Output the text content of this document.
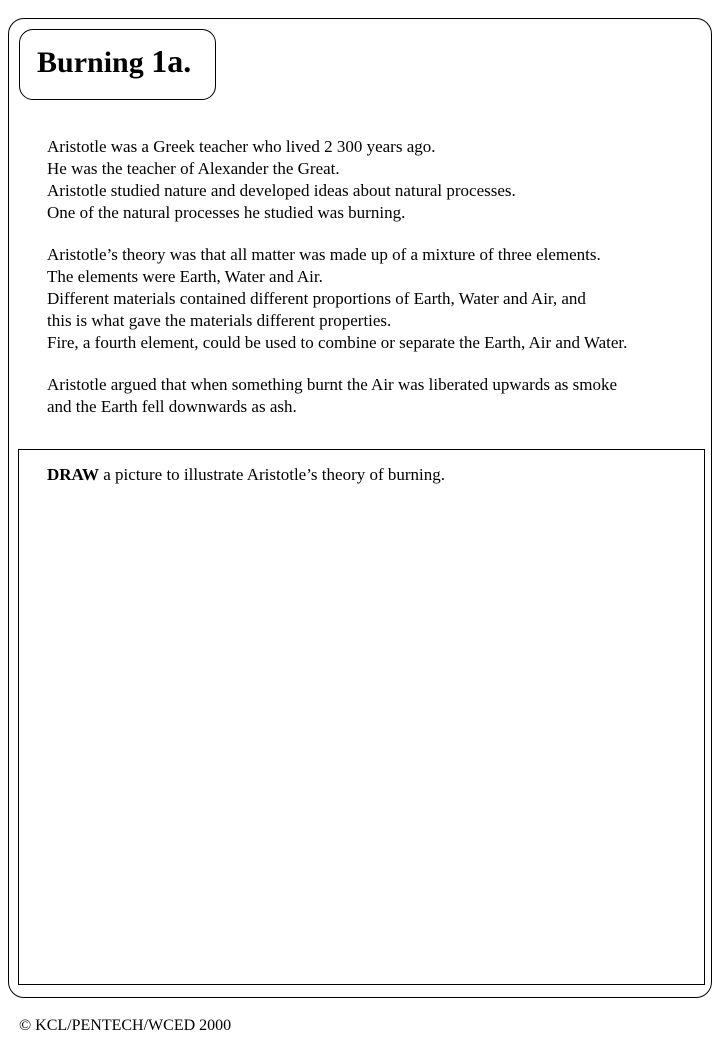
Burning 1a.

Aristotle was a Greek teacher who lived 2 300 years ago.

He was the teacher of Alexander the Great.

Aristotle studied nature and developed ideas about natural processes.

One of the natural processes he studied was burning.

Aristotle’s theory was that all matter was made up of a mixture of three elements.

The elements were Earth, Water and Air.

Different materials contained different proportions of Earth, Water and Air, and

this is what gave the materials different properties.

Fire, a fourth element, could be used to combine or separate the Earth, Air and Water.

Aristotle argued that when something burnt the Air was liberated upwards as smoke

and the Earth fell downwards as ash.

DRAW a picture to illustrate Aristotle’s theory of burning.
© KCL/PENTECH/WCED 2000
